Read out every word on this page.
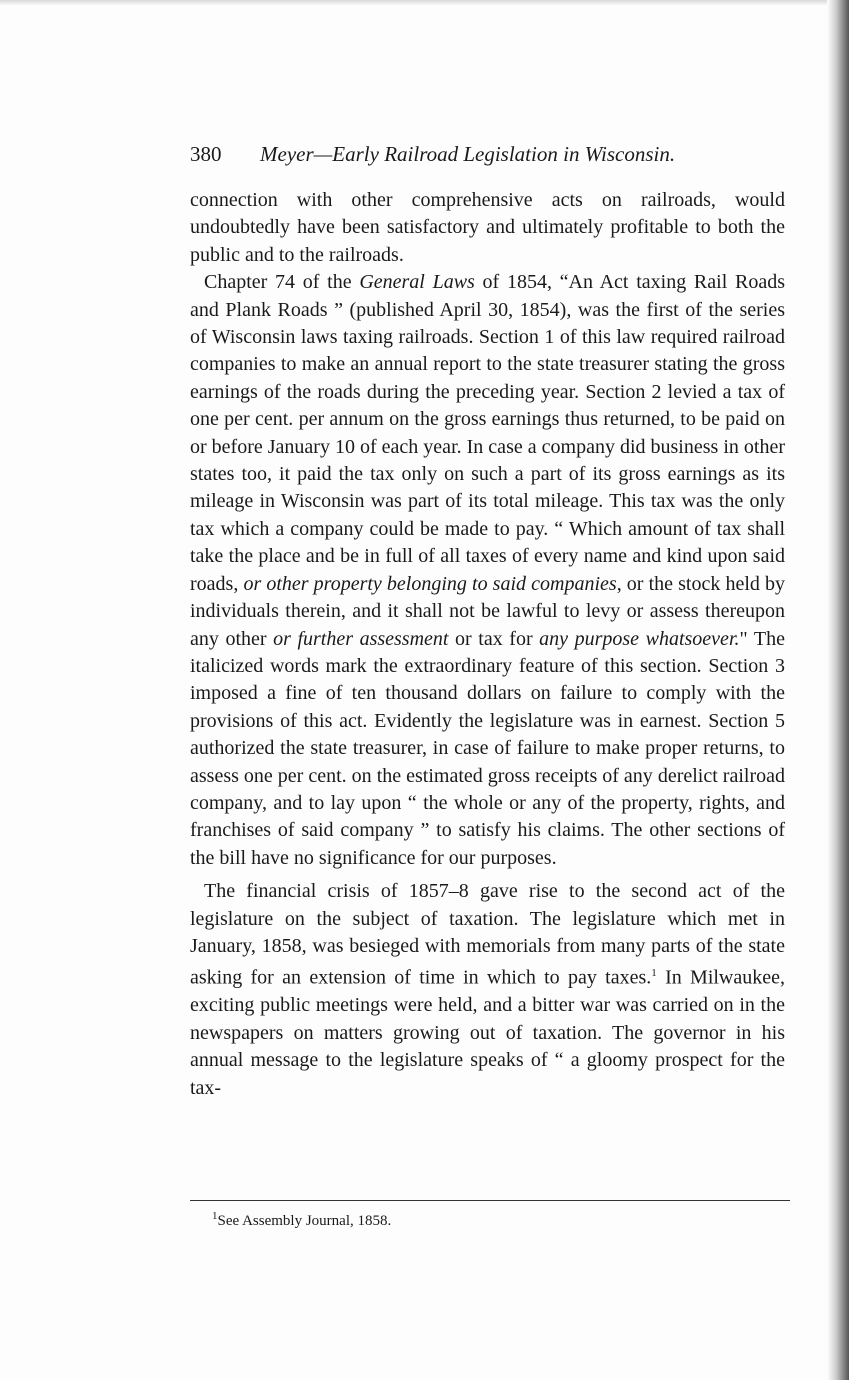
380 Meyer—Early Railroad Legislation in Wisconsin.

connection with other comprehensive acts on railroads, would undoubtedly have been satisfactory and ultimately profitable to both the public and to the railroads.

Chapter 74 of the General Laws of 1854, “An Act taxing Rail Roads and Plank Roads ” (published April 30, 1854), was the first of the series of Wisconsin laws taxing railroads. Section 1 of this law required railroad companies to make an annual report to the state treasurer stating the gross earnings of the roads during the preceding year. Section 2 levied a tax of one per cent. per annum on the gross earnings thus returned, to be paid on or before January 10 of each year. In case a company did business in other states too, it paid the tax only on such a part of its gross earnings as its mileage in Wisconsin was part of its total mileage. This tax was the only tax which a company could be made to pay. “ Which amount of tax shall take the place and be in full of all taxes of every name and kind upon said roads, or other property belonging to said companies, or the stock held by individuals therein, and it shall not be lawful to levy or assess thereupon any other or further assessment or tax for any purpose whatsoever." The italicized words mark the extraordinary feature of this section. Section 3 imposed a fine of ten thousand dollars on failure to comply with the provisions of this act. Evidently the legislature was in earnest. Section 5 authorized the state treasurer, in case of failure to make proper returns, to assess one per cent. on the estimated gross receipts of any derelict railroad company, and to lay upon “ the whole or any of the property, rights, and franchises of said company ” to satisfy his claims. The other sections of the bill have no significance for our purposes.

The financial crisis of 1857–8 gave rise to the second act of the legislature on the subject of taxation. The legislature which met in January, 1858, was besieged with memorials from many parts of the state asking for an extension of time in which to pay taxes.$^1$ In Milwaukee, exciting public meetings were held, and a bitter war was carried on in the newspapers on matters growing out of taxation. The governor in his annual message to the legislature speaks of “ a gloomy prospect for the tax-

$^1$See Assembly Journal, 1858.
